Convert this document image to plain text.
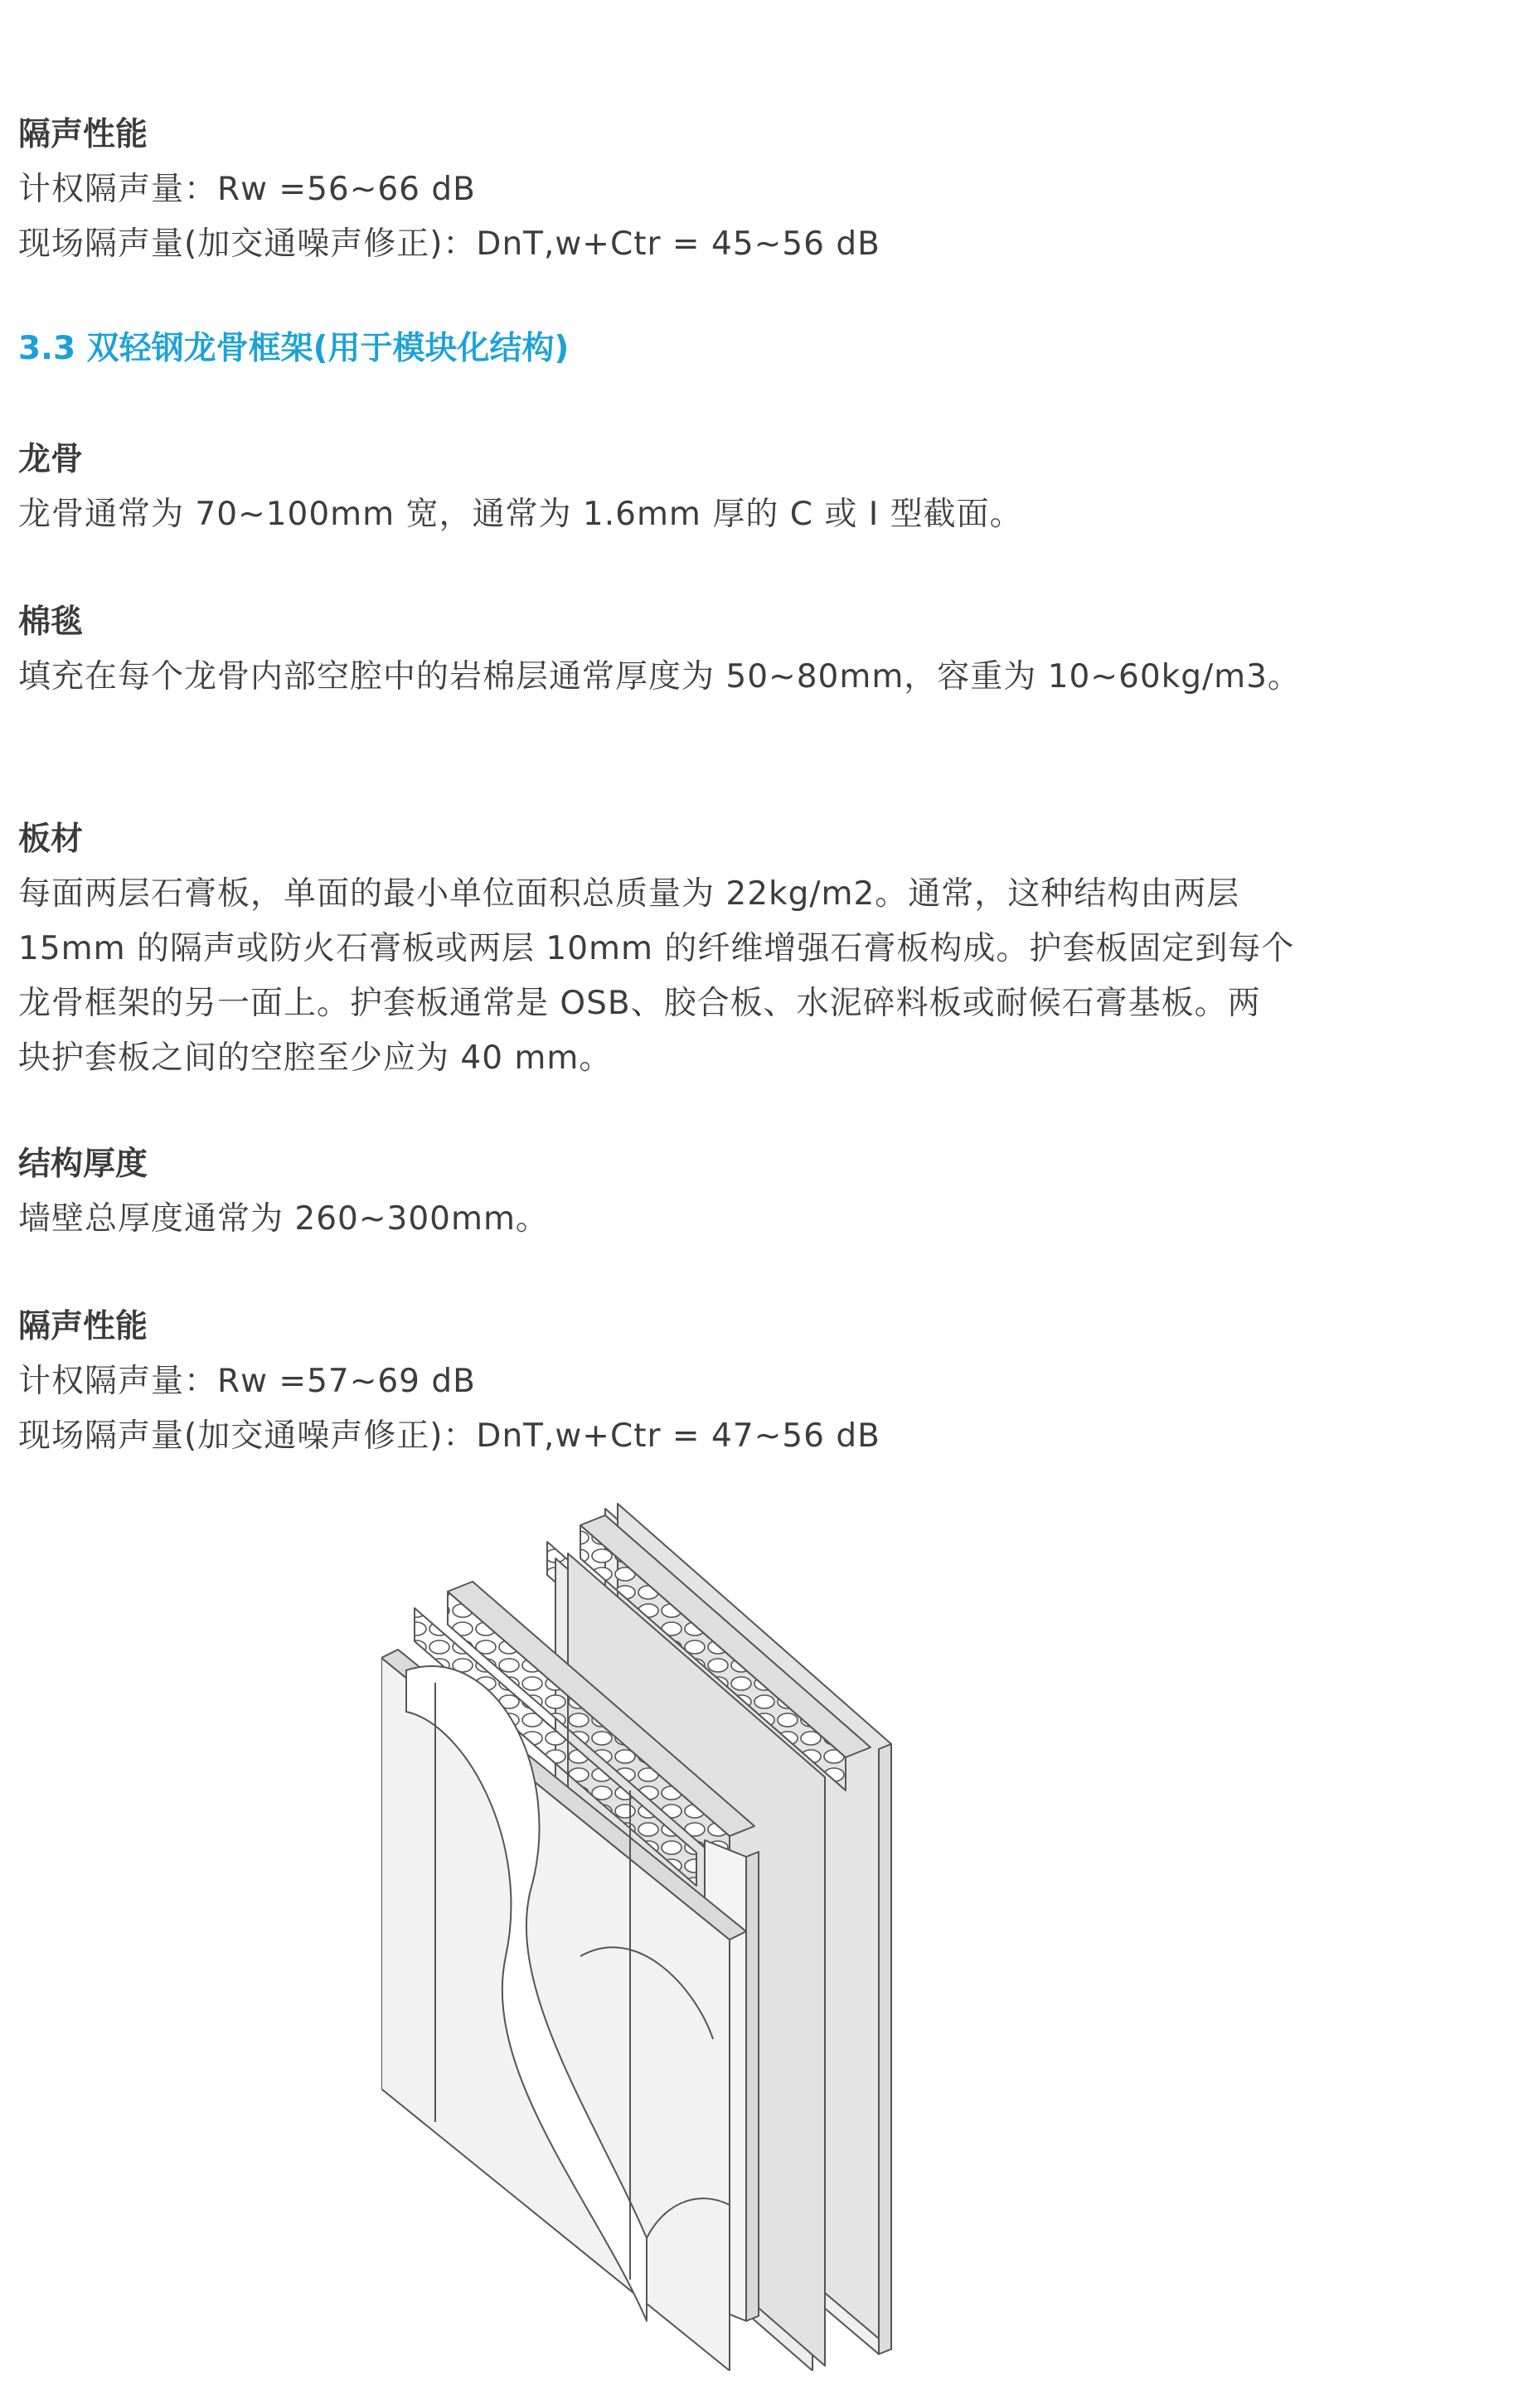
隔声性能
计权隔声量：Rw =56~66 dB
现场隔声量(加交通噪声修正)：DnT,w+Ctr = 45~56 dB
3.3 双轻钢龙骨框架(用于模块化结构)
龙骨
龙骨通常为 70~100mm 宽，通常为 1.6mm 厚的 C 或 I 型截面。
棉毯
填充在每个龙骨内部空腔中的岩棉层通常厚度为 50~80mm，容重为 10~60kg/m3。
板材
每面两层石膏板，单面的最小单位面积总质量为 22kg/m2。通常，这种结构由两层
15mm 的隔声或防火石膏板或两层 10mm 的纤维增强石膏板构成。护套板固定到每个
龙骨框架的另一面上。护套板通常是 OSB、胶合板、水泥碎料板或耐候石膏基板。两
块护套板之间的空腔至少应为 40 mm。
结构厚度
墙壁总厚度通常为 260~300mm。
隔声性能
计权隔声量：Rw =57~69 dB
现场隔声量(加交通噪声修正)：DnT,w+Ctr = 47~56 dB
